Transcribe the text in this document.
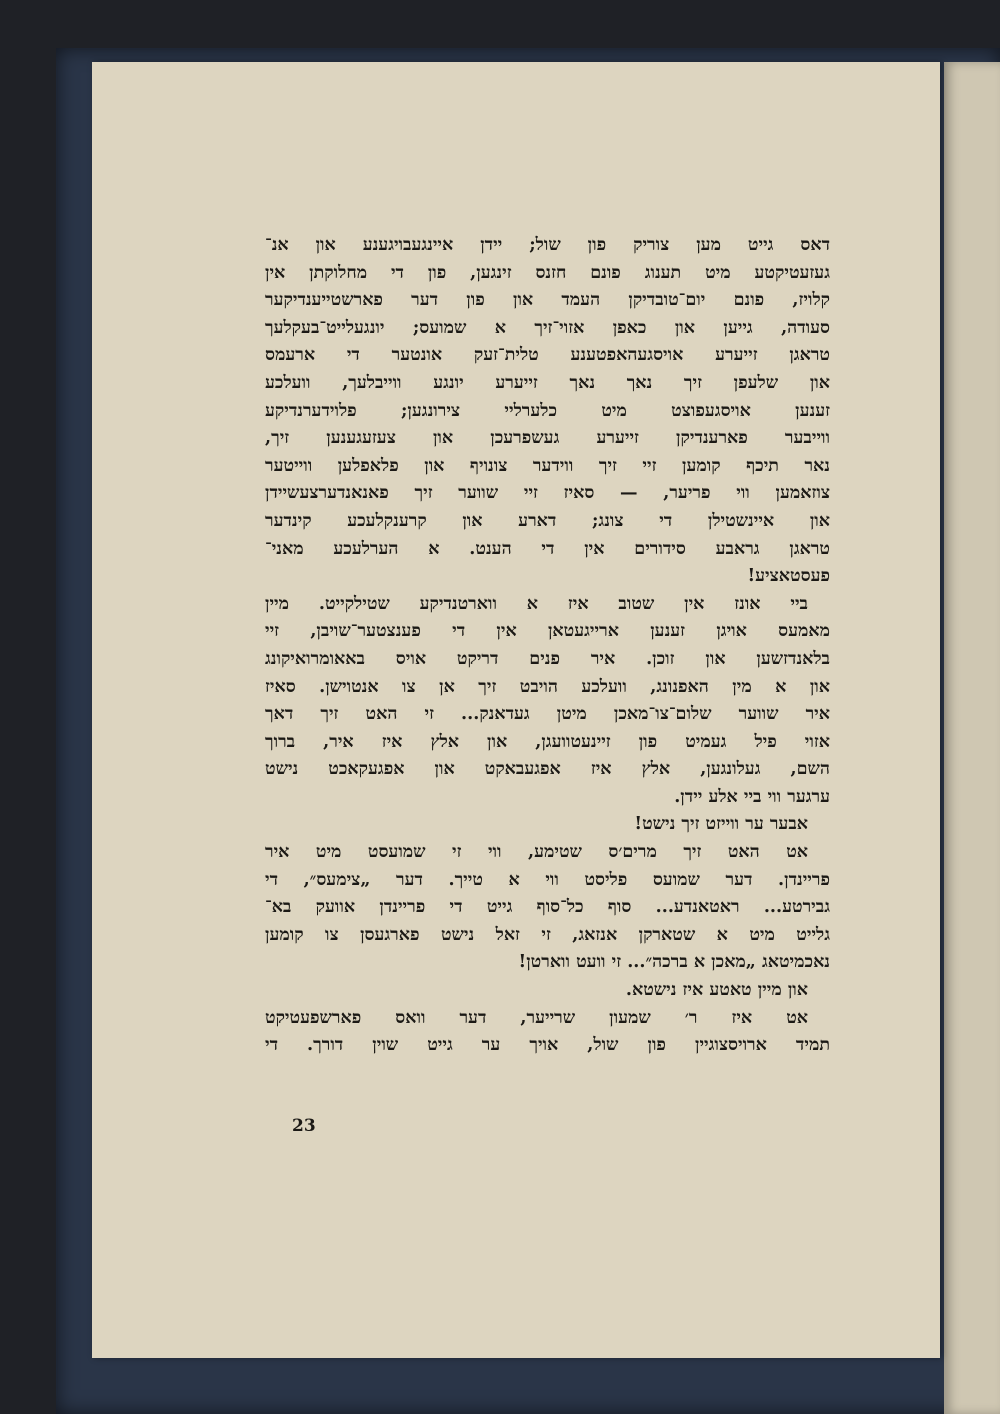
דאס גייט מען צוריק פון שול; יידן איינגעבויגענע און אנ־
געזעטיקטע מיט תענוג פונם חזנס זינגען, פון די מחלוקתן אין
קלויז, פונם יום־טובדיקן העמד און פון דער פארשטייענדיקער
סעודה, גייען און כאפן אזוי־זיך א שמועס; יונגעלייט־בעקלעך
טראגן זייערע אויסגעהאפטענע טלית־זעק אונטער די ארעמס
און שלעפן זיך נאך נאך זייערע יונגע ווייבלעך, וועלכע
זענען אויסגעפוצט מיט כלערליי צירונגען; פלוידערנדיקע
ווייבער פארענדיקן זייערע געשפרעכן און צעזעגענען זיך,
נאר תיכף קומען זיי זיך ווידער צונויף און פלאפלען ווייטער
צוזאמען ווי פריער, — סאיז זיי שווער זיך פאנאנדערצעשיידן
און איינשטילן די צונג; דארע און קרענקלעכע קינדער
טראגן גראבע סידורים אין די הענט. א הערלעכע מאני־
פעסטאציע!
ביי אונז אין שטוב איז א ווארטנדיקע שטילקייט. מיין
מאמעס אויגן זענען ארייגעטאן אין די פענצטער־שויבן, זיי
בלאנדזשען און זוכן. איר פנים דריקט אויס באאומרואיקונג
און א מין האפנונג, וועלכע הויבט זיך אן צו אנטוישן. סאיז
איר שווער שלום־צו־מאכן מיטן געדאנק... זי האט זיך דאך
אזוי פיל געמיט פון זיינעטוועגן, און אלץ איז איר, ברוך
השם, געלונגען, אלץ איז אפגעבאקט און אפגעקאכט נישט
ערגער ווי ביי אלע יידן.
אבער ער ווייזט זיך נישט!
אט האט זיך מרים׳ס שטימע, ווי זי שמועסט מיט איר
פריינדן. דער שמועס פליסט ווי א טייך. דער „צימעס״, די
גבירטע... ראטאנדע... סוף כל־סוף גייט די פריינדן אוועק בא־
גלייט מיט א שטארקן אנזאג, זי זאל נישט פארגעסן צו קומען
נאכמיטאג „מאכן א ברכה״... זי וועט ווארטן!
און מיין טאטע איז נישטא.
אט איז ר׳ שמעון שרייער, דער וואס פארשפעטיקט
תמיד ארויסצוגיין פון שול, אויך ער גייט שוין דורך. די
23
